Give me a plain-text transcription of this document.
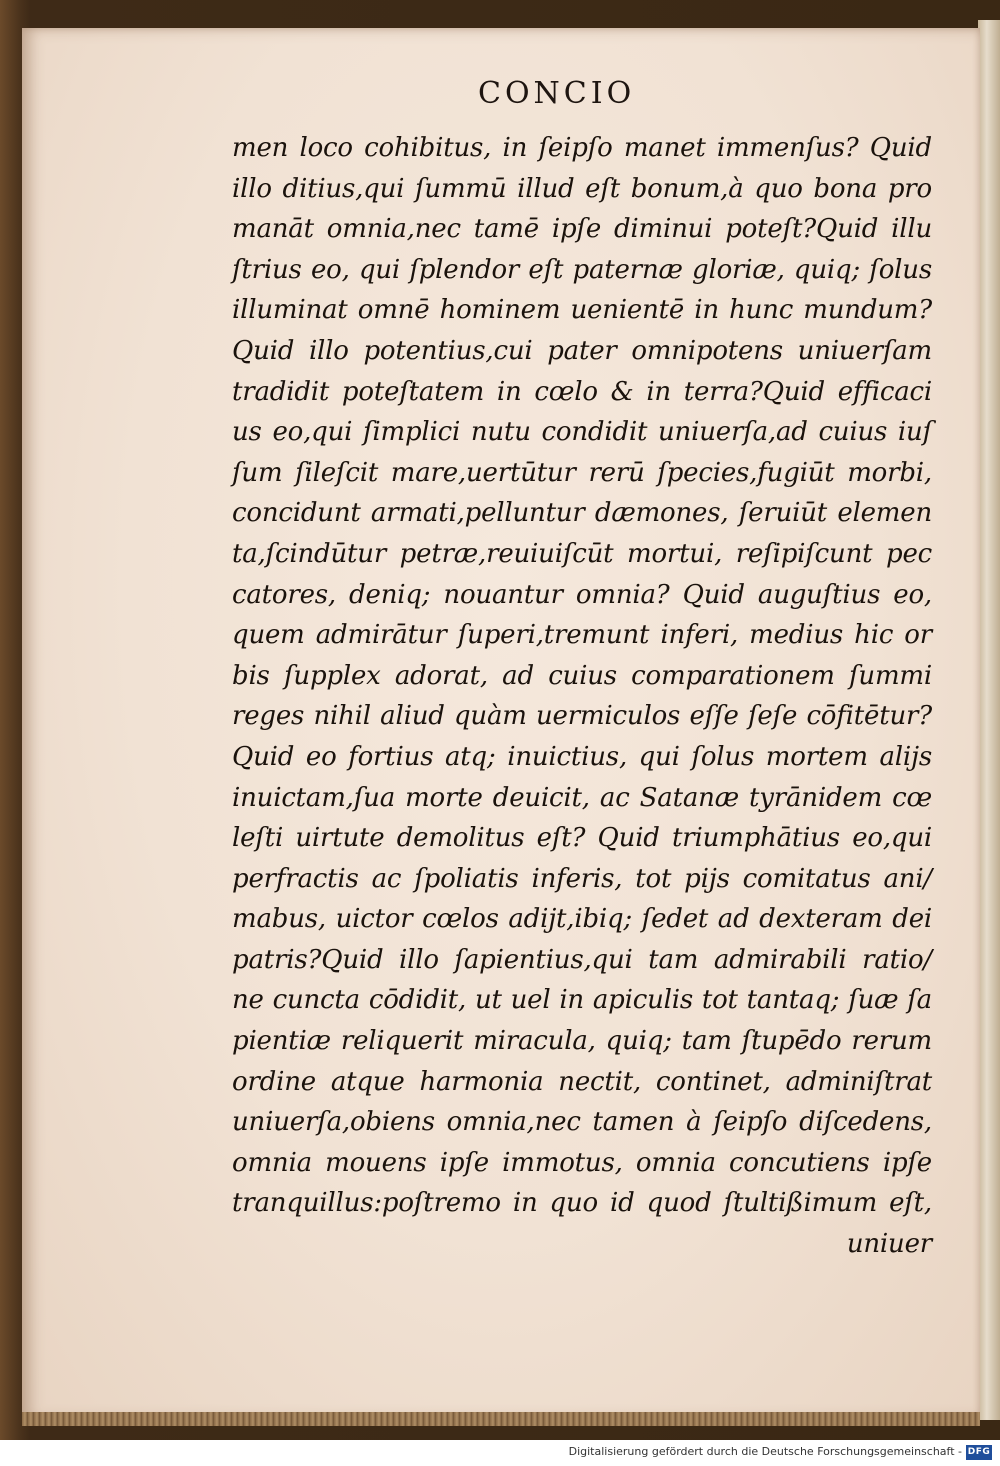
CONCIO
men loco cohibitus, in ſeipſo manet immenſus? Quid
illo ditius,qui ſummū illud eſt bonum,à quo bona pro
manāt omnia,nec tamē ipſe diminui poteſt?Quid illu
ſtrius eo, qui ſplendor eſt paternæ gloriæ, quiq; ſolus
illuminat omnē hominem uenientē in hunc mundum?
Quid illo potentius,cui pater omnipotens uniuerſam
tradidit poteſtatem in cœlo & in terra?Quid efficaci
us eo,qui ſimplici nutu condidit uniuerſa,ad cuius iuſ
ſum ſileſcit mare,uertūtur rerū ſpecies,fugiūt morbi,
concidunt armati,pelluntur dæmones, ſeruiūt elemen
ta,ſcindūtur petræ,reuiuiſcūt mortui, reſipiſcunt pec
catores, deniq; nouantur omnia? Quid auguſtius eo,
quem admirātur ſuperi,tremunt inferi, medius hic or
bis ſupplex adorat, ad cuius comparationem ſummi
reges nihil aliud quàm uermiculos eſſe ſeſe cōfitētur?
Quid eo fortius atq; inuictius, qui ſolus mortem alijs
inuictam,ſua morte deuicit, ac Satanæ tyrānidem cœ
leſti uirtute demolitus eſt? Quid triumphātius eo,qui
perfractis ac ſpoliatis inferis, tot pijs comitatus ani/
mabus, uictor cœlos adijt,ibiq; ſedet ad dexteram dei
patris?Quid illo ſapientius,qui tam admirabili ratio/
ne cuncta cōdidit, ut uel in apiculis tot tantaq; ſuæ ſa
pientiæ reliquerit miracula, quiq; tam ſtupēdo rerum
ordine atque harmonia nectit, continet, adminiſtrat
uniuerſa,obiens omnia,nec tamen à ſeipſo diſcedens,
omnia mouens ipſe immotus, omnia concutiens ipſe
tranquillus:poſtremo in quo id quod ſtultißimum eſt,
uniuer
Digitalisierung gefördert durch die Deutsche Forschungsgemeinschaft - DFG
